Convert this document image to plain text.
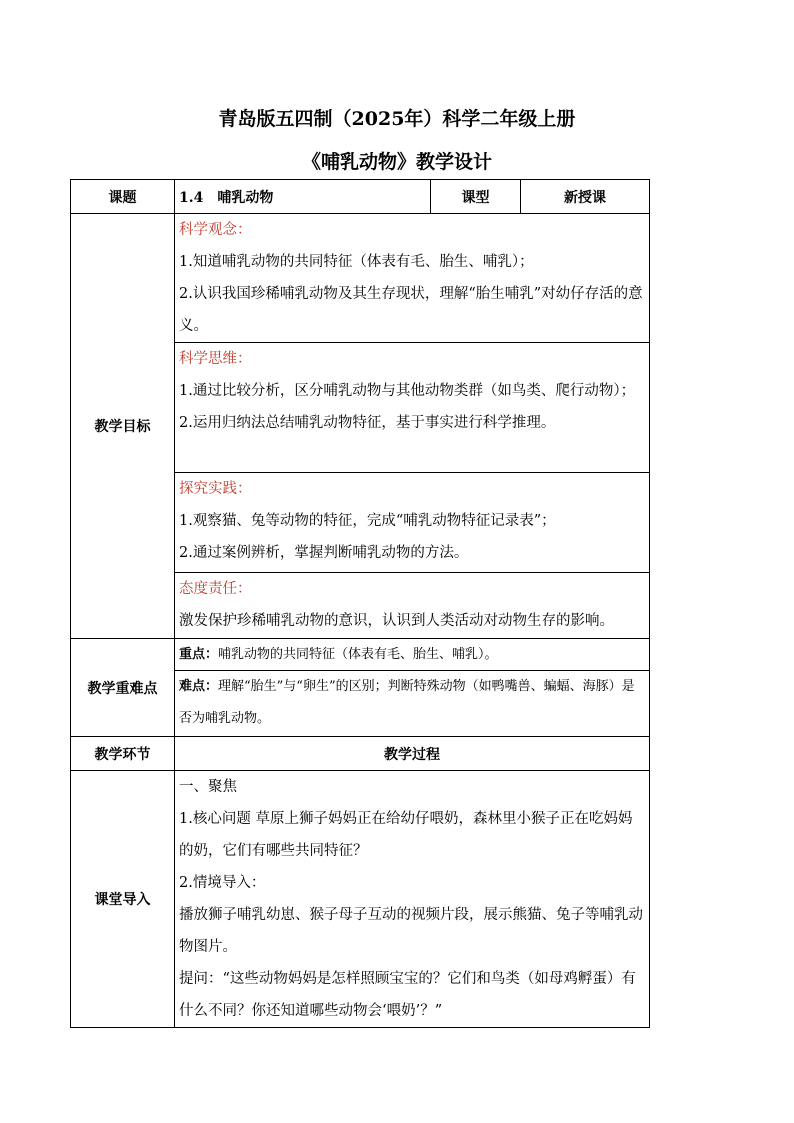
青岛版五四制（2025年）科学二年级上册
《哺乳动物》教学设计
课题	1.4　哺乳动物	课型	新授课
教学目标	科学观念：
1.知道哺乳动物的共同特征（体表有毛、胎生、哺乳）；
2.认识我国珍稀哺乳动物及其生存现状，理解“胎生哺乳”对幼仔存活的意义。		

	科学思维：
1.通过比较分析，区分哺乳动物与其他动物类群（如鸟类、爬行动物）；
2.运用归纳法总结哺乳动物特征，基于事实进行科学推理。		

	探究实践：
1.观察猫、兔等动物的特征，完成“哺乳动物特征记录表”；
2.通过案例辨析，掌握判断哺乳动物的方法。		

	态度责任：
激发保护珍稀哺乳动物的意识，认识到人类活动对动物生存的影响。		

教学重难点	重点：哺乳动物的共同特征（体表有毛、胎生、哺乳）。		

	难点：理解“胎生”与“卵生”的区别；判断特殊动物（如鸭嘴兽、蝙蝠、海豚）是否为哺乳动物。		

教学环节	教学过程		
课堂导入	一、聚焦
1.核心问题 草原上狮子妈妈正在给幼仔喂奶，森林里小猴子正在吃妈妈的奶，它们有哪些共同特征？
2.情境导入：
播放狮子哺乳幼崽、猴子母子互动的视频片段，展示熊猫、兔子等哺乳动物图片。
提问：“这些动物妈妈是怎样照顾宝宝的？它们和鸟类（如母鸡孵蛋）有什么不同？你还知道哪些动物会‘喂奶’？”		
